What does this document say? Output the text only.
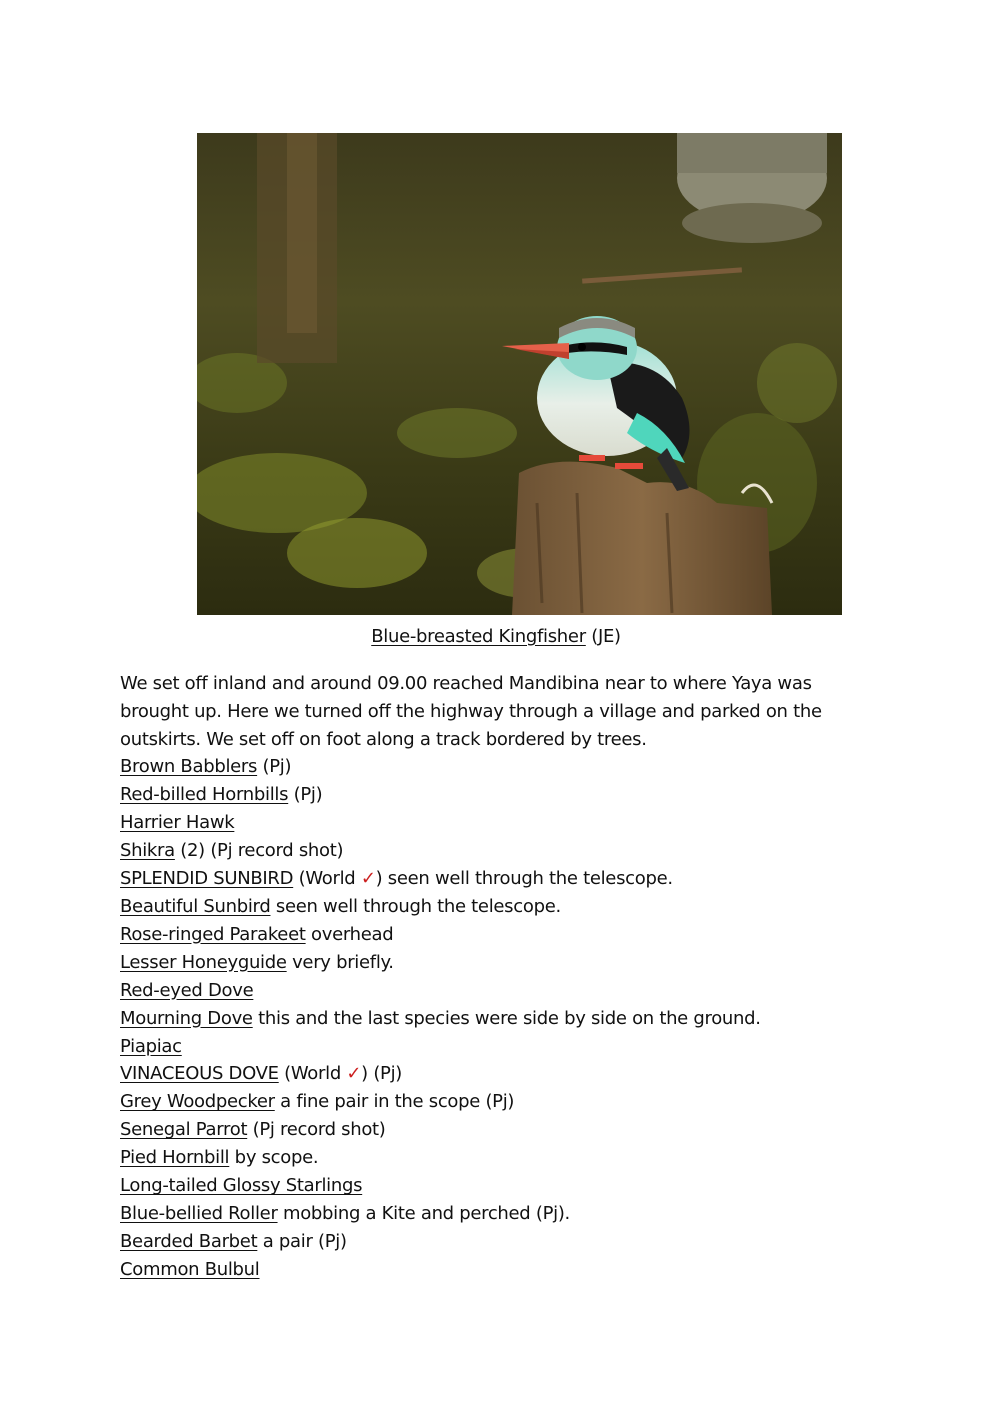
Blue-breasted Kingfisher (JE)

We set off inland and around 09.00 reached Mandibina near to where Yaya was brought up. Here we turned off the highway through a village and parked on the outskirts. We set off on foot along a track bordered by trees.

Brown Babblers (Pj)
Red-billed Hornbills (Pj)
Harrier Hawk
Shikra (2) (Pj record shot)
SPLENDID SUNBIRD (World ✓) seen well through the telescope.
Beautiful Sunbird seen well through the telescope.
Rose-ringed Parakeet overhead
Lesser Honeyguide very briefly.
Red-eyed Dove
Mourning Dove this and the last species were side by side on the ground.
Piapiac
VINACEOUS DOVE (World ✓) (Pj)
Grey Woodpecker a fine pair in the scope (Pj)
Senegal Parrot (Pj record shot)
Pied Hornbill by scope.
Long-tailed Glossy Starlings
Blue-bellied Roller mobbing a Kite and perched (Pj).
Bearded Barbet a pair (Pj)
Common Bulbul
